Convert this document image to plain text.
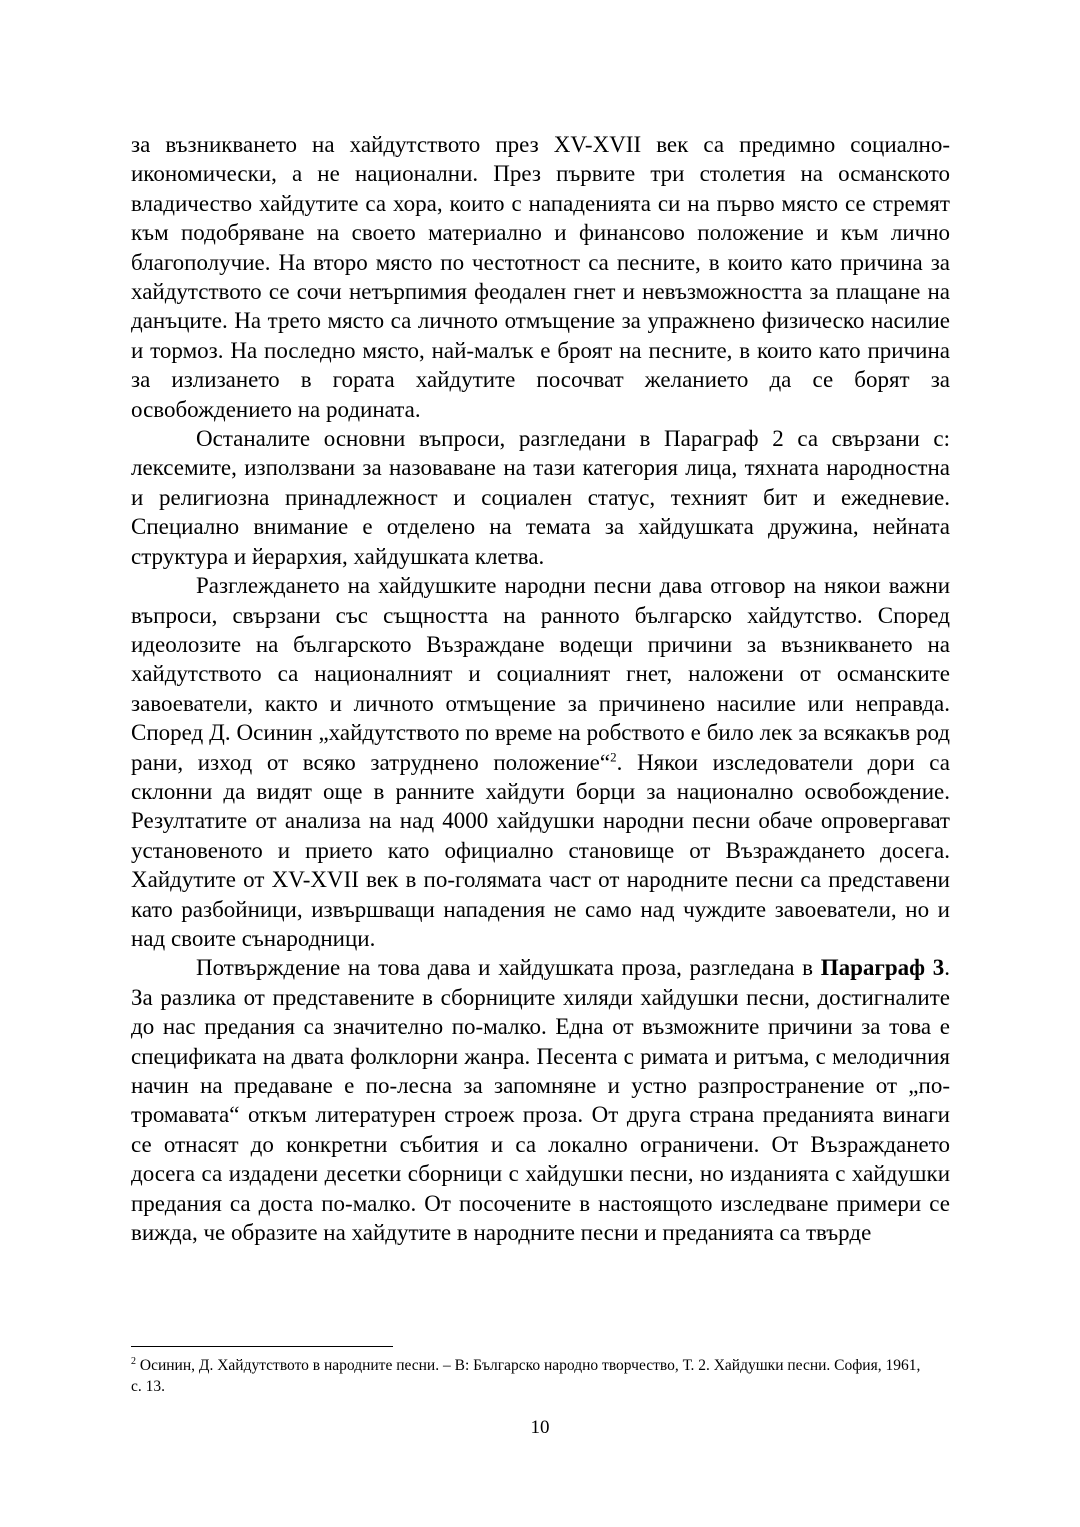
за възникването на хайдутството през XV-XVII век са предимно социално-икономически, а не национални. През първите три столетия на османското владичество хайдутите са хора, които с нападенията си на първо място се стремят към подобряване на своето материално и финансово положение и към лично благополучие. На второ място по честотност са песните, в които като причина за хайдутството се сочи нетърпимия феодален гнет и невъзможността за плащане на данъците. На трето място са личното отмъщение за упражнено физическо насилие и тормоз. На последно място, най-малък е броят на песните, в които като причина за излизането в гората хайдутите посочват желанието да се борят за освобождението на родината.

Останалите основни въпроси, разгледани в Параграф 2 са свързани с: лексемите, използвани за назоваване на тази категория лица, тяхната народностна и религиозна принадлежност и социален статус, техният бит и ежедневие. Специално внимание е отделено на темата за хайдушката дружина, нейната структура и йерархия, хайдушката клетва.

Разглеждането на хайдушките народни песни дава отговор на някои важни въпроси, свързани със същността на ранното българско хайдутство. Според идеолозите на българското Възраждане водещи причини за възникването на хайдутството са националният и социалният гнет, наложени от османските завоеватели, както и личното отмъщение за причинено насилие или неправда. Според Д. Осинин „хайдутството по време на робството е било лек за всякакъв род рани, изход от всяко затруднено положение“$^2$. Някои изследователи дори са склонни да видят още в ранните хайдути борци за национално освобождение. Резултатите от анализа на над 4000 хайдушки народни песни обаче опровергават установеното и прието като официално становище от Възраждането досега. Хайдутите от XV-XVII век в по-голямата част от народните песни са представени като разбойници, извършващи нападения не само над чуждите завоеватели, но и над своите сънародници.

Потвърждение на това дава и хайдушката проза, разгледана в Параграф 3. За разлика от представените в сборниците хиляди хайдушки песни, достигналите до нас предания са значително по-малко. Една от възможните причини за това е спецификата на двата фолклорни жанра. Песента с римата и ритъма, с мелодичния начин на предаване е по-лесна за запомняне и устно разпространение от „по-тромавата“ откъм литературен строеж проза. От друга страна преданията винаги се отнасят до конкретни събития и са локално ограничени. От Възраждането досега са издадени десетки сборници с хайдушки песни, но изданията с хайдушки предания са доста по-малко. От посочените в настоящото изследване примери се вижда, че образите на хайдутите в народните песни и преданията са твърде

$^2$ Осинин, Д. Хайдутството в народните песни. – В: Българско народно творчество, Т. 2. Хайдушки песни. София, 1961, с. 13.

10
